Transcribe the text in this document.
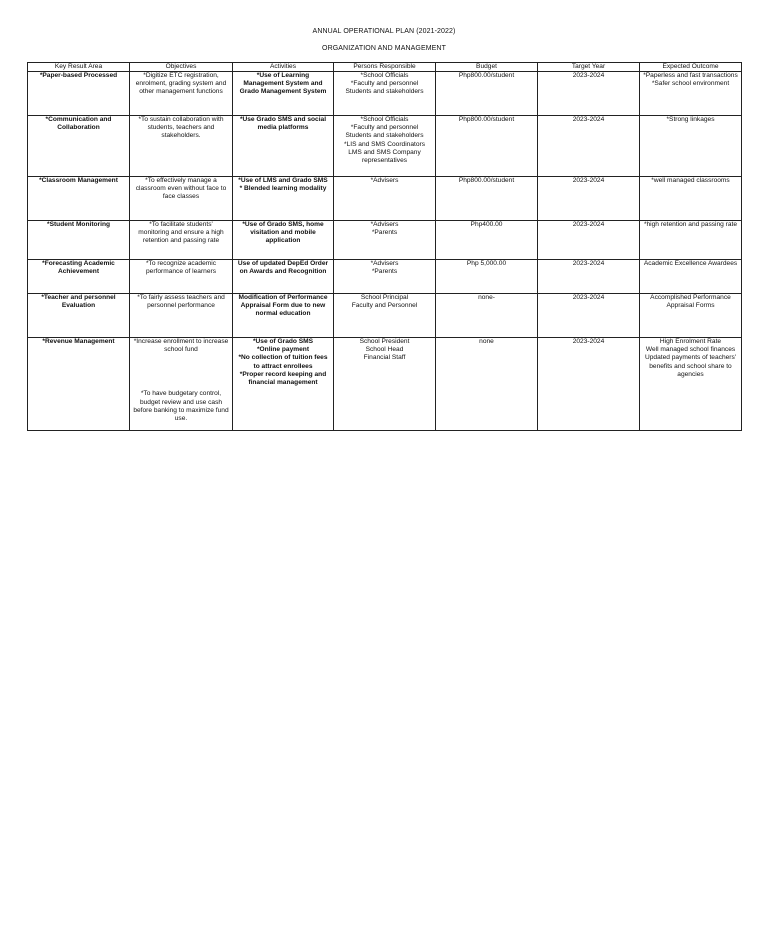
ANNUAL OPERATIONAL PLAN (2021-2022)
ORGANIZATION AND MANAGEMENT
Key Result Area	Objectives	Activities	Persons Responsible	Budget	Target Year	Expected Outcome

*Paper-based Processed	*Digitize ETC registration, enrolment, grading system and other management functions	*Use of Learning Management System and Grado Management System	*School Officials
*Faculty and personnel
Students and stakeholders	Php800.00/student	2023-2024	*Paperless and fast transactions
*Safer school environment

*Communication and Collaboration	*To sustain collaboration with students, teachers and stakeholders.	*Use Grado SMS and social media platforms	*School Officials
*Faculty and personnel
Students and stakeholders
*LIS and SMS Coordinators
LMS and SMS Company representatives	Php800.00/student	2023-2024	*Strong linkages

*Classroom Management	*To effectively manage a classroom even without face to face classes	*Use of LMS and Grado SMS
* Blended learning modality	*Advisers	Php800.00/student	2023-2024	*well managed classrooms

*Student Monitoring	*To facilitate students' monitoring and ensure a high retention and passing rate	*Use of Grado SMS, home visitation and mobile application	*Advisers
*Parents	Php400.00	2023-2024	*high retention and passing rate

*Forecasting Academic Achievement	*To recognize academic performance of learners	Use of updated DepEd Order on Awards and Recognition	*Advisers
*Parents	Php 5,000.00	2023-2024	Academic Excellence Awardees

*Teacher and personnel Evaluation	*To fairly assess teachers and personnel performance	Modification of Performance Appraisal Form due to new normal education	School Principal
Faculty and Personnel	none-	2023-2024	Accomplished Performance Appraisal Forms

*Revenue Management	*Increase enrollment to increase school fund
*To have budgetary control, budget review and use cash before banking to maximize fund use.	*Use of Grado SMS
*Online payment
*No collection of tuition fees to attract enrollees
*Proper record keeping and financial management	School President
School Head
Financial Staff	none	2023-2024	High Enrolment Rate
Well managed school finances
Updated payments of teachers' benefits and school share to agencies
